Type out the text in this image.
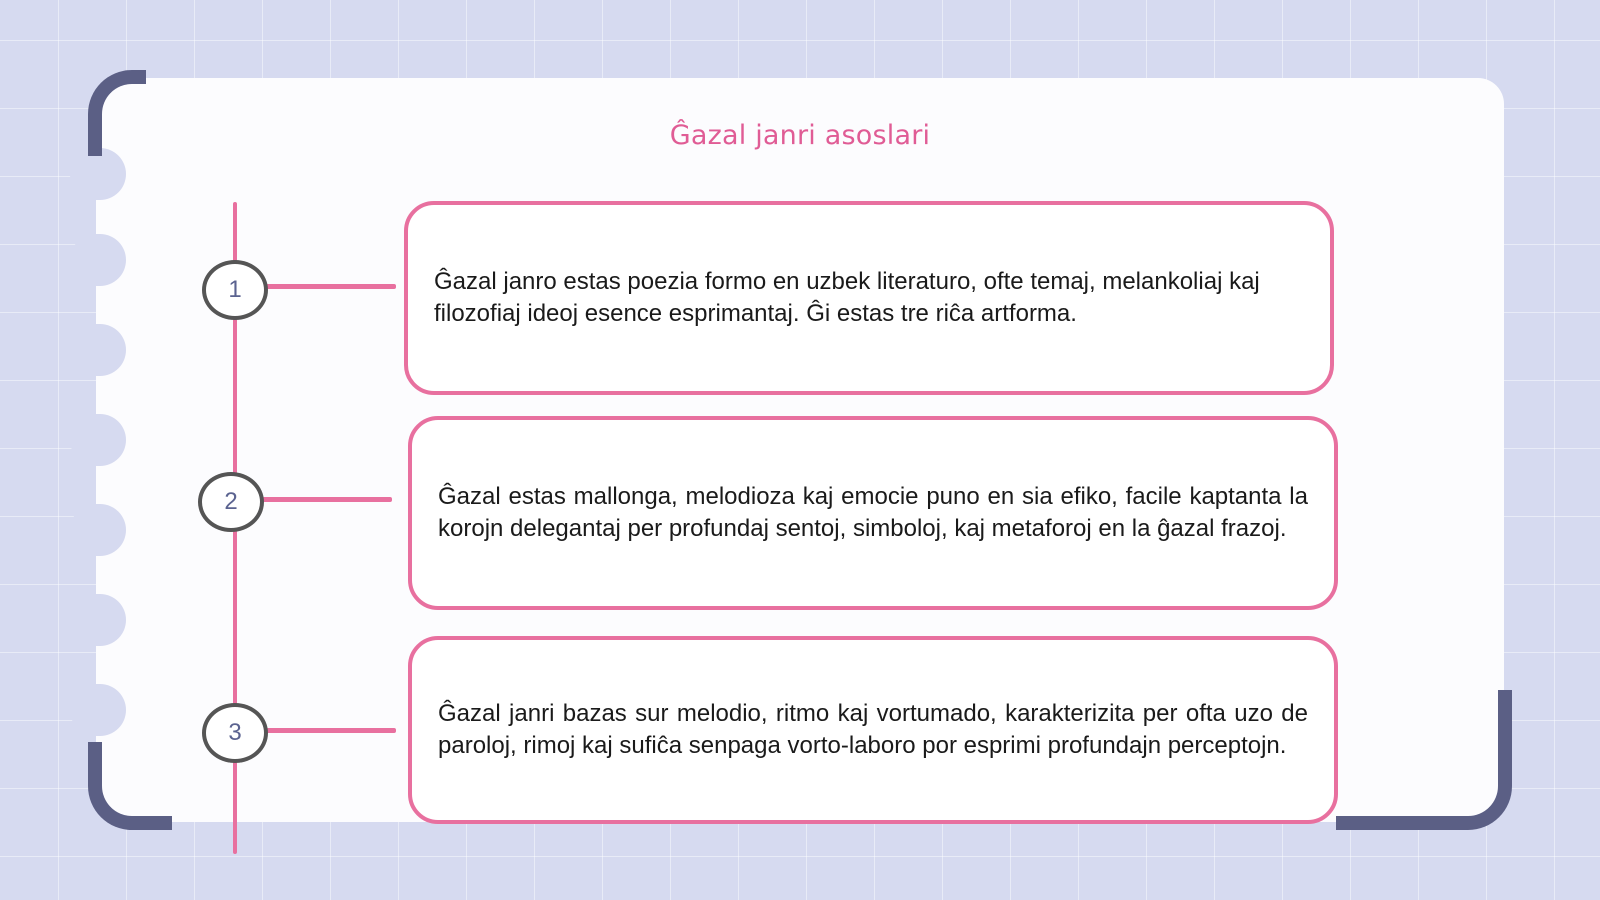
Ĝazal janri asoslari
1
2
3
Ĝazal janro estas poezia formo en uzbek literaturo, ofte temaj, melankoliaj kaj filozofiaj ideoj esence esprimantaj. Ĝi estas tre riĉa artforma.
Ĝazal estas mallonga, melodioza kaj emocie puno en sia efiko, facile kaptanta la korojn delegantaj per profundaj sentoj, simboloj, kaj metaforoj en la ĝazal frazoj.
Ĝazal janri bazas sur melodio, ritmo kaj vortumado, karakterizita per ofta uzo de paroloj, rimoj kaj sufiĉa senpaga vorto-laboro por esprimi profundajn perceptojn.
